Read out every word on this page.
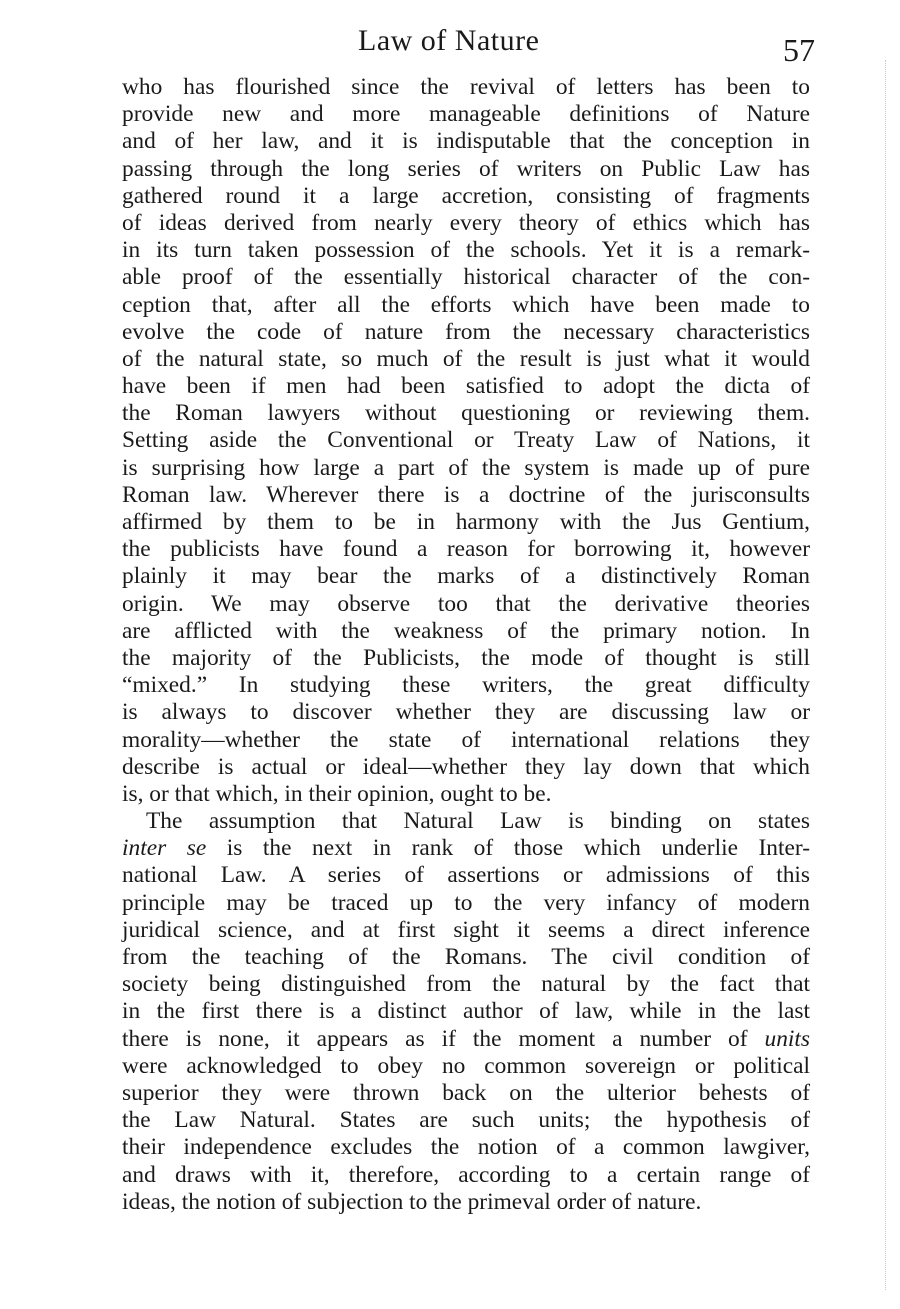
Law of Nature	57
who has flourished since the revival of letters has been to
provide new and more manageable definitions of Nature
and of her law, and it is indisputable that the conception in
passing through the long series of writers on Public Law has
gathered round it a large accretion, consisting of fragments
of ideas derived from nearly every theory of ethics which has
in its turn taken possession of the schools. Yet it is a remark-
able proof of the essentially historical character of the con-
ception that, after all the efforts which have been made to
evolve the code of nature from the necessary characteristics
of the natural state, so much of the result is just what it would
have been if men had been satisfied to adopt the dicta of
the Roman lawyers without questioning or reviewing them.
Setting aside the Conventional or Treaty Law of Nations, it
is surprising how large a part of the system is made up of pure
Roman law. Wherever there is a doctrine of the jurisconsults
affirmed by them to be in harmony with the Jus Gentium,
the publicists have found a reason for borrowing it, however
plainly it may bear the marks of a distinctively Roman
origin. We may observe too that the derivative theories
are afflicted with the weakness of the primary notion. In
the majority of the Publicists, the mode of thought is still
“mixed.” In studying these writers, the great difficulty
is always to discover whether they are discussing law or
morality—whether the state of international relations they
describe is actual or ideal—whether they lay down that which
is, or that which, in their opinion, ought to be.
The assumption that Natural Law is binding on states
inter se is the next in rank of those which underlie Inter-
national Law. A series of assertions or admissions of this
principle may be traced up to the very infancy of modern
juridical science, and at first sight it seems a direct inference
from the teaching of the Romans. The civil condition of
society being distinguished from the natural by the fact that
in the first there is a distinct author of law, while in the last
there is none, it appears as if the moment a number of units
were acknowledged to obey no common sovereign or political
superior they were thrown back on the ulterior behests of
the Law Natural. States are such units; the hypothesis of
their independence excludes the notion of a common lawgiver,
and draws with it, therefore, according to a certain range of
ideas, the notion of subjection to the primeval order of nature.
